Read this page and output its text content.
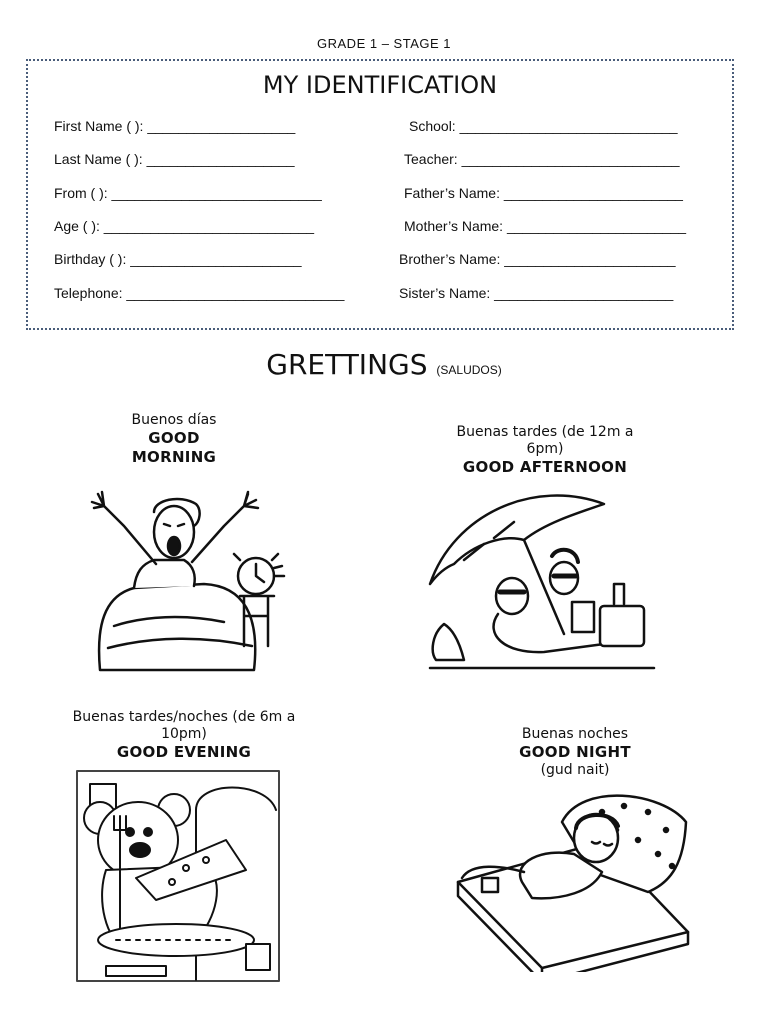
GRADE 1 – STAGE 1
MY IDENTIFICATION
First Name ( ): ___________________
Last Name ( ): ___________________
From ( ): ___________________________
Age ( ): ___________________________
Birthday ( ): ______________________
Telephone: ____________________________
School: ____________________________
Teacher: ____________________________
Father’s Name: _______________________
Mother’s Name: _______________________
Brother’s Name: ______________________
Sister’s Name: _______________________
GRETTINGS (SALUDOS)
Buenos días
GOOD
MORNING
Buenas tardes (de 12m a
6pm)
GOOD AFTERNOON
Buenas tardes/noches (de 6m a
10pm)
GOOD EVENING
Buenas noches
GOOD NIGHT
(gud nait)
